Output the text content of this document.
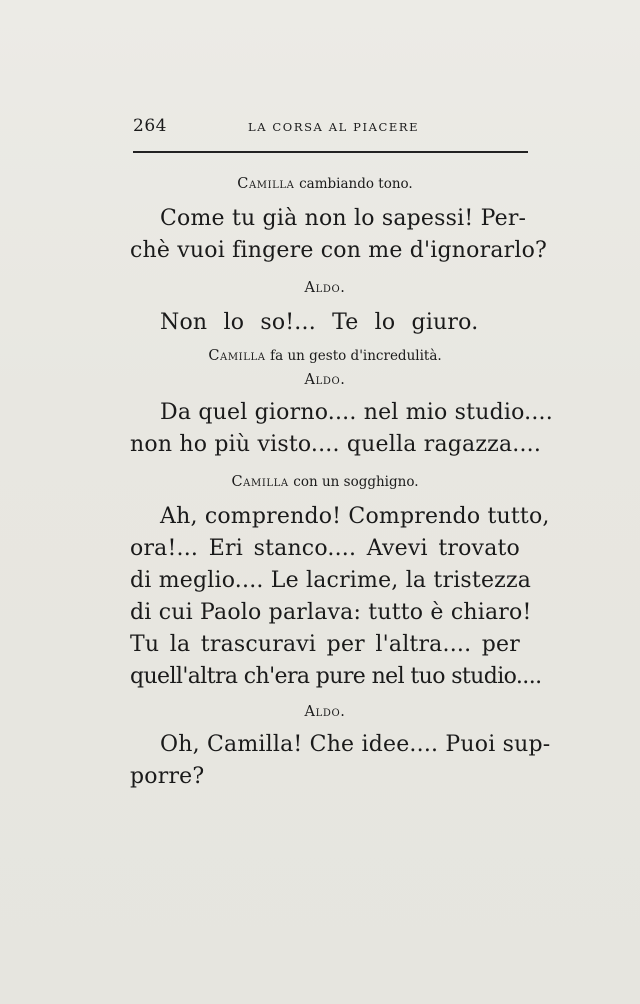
264	LA CORSA AL PIACERE

Camilla cambiando tono.

Come tu già non lo sapessi! Per-

chè vuoi fingere con me d'ignorarlo?

Aldo.

Non lo so!... Te lo giuro.

Camilla fa un gesto d'incredulità.

Aldo.

Da quel giorno.... nel mio studio....

non ho più visto.... quella ragazza....

Camilla con un sogghigno.

Ah, comprendo! Comprendo tutto,

ora!... Eri stanco.... Avevi trovato

di meglio.... Le lacrime, la tristezza

di cui Paolo parlava: tutto è chiaro!

Tu la trascuravi per l'altra.... per

quell'altra ch'era pure nel tuo studio....

Aldo.

Oh, Camilla! Che idee.... Puoi sup-

porre?
